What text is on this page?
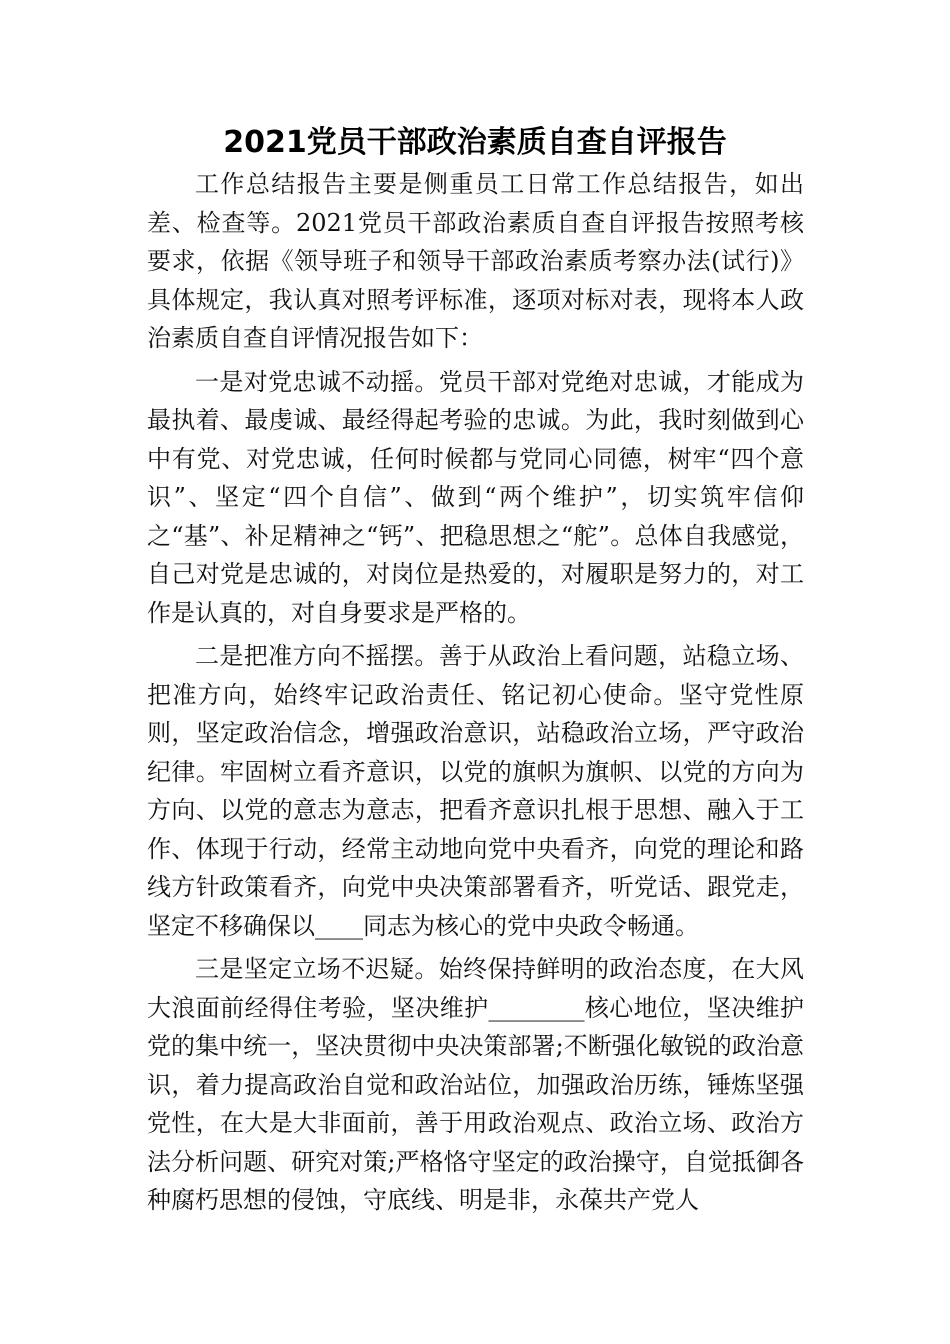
2021党员干部政治素质自查自评报告

工作总结报告主要是侧重员工日常工作总结报告，如出差、检查等。2021党员干部政治素质自查自评报告按照考核要求，依据《领导班子和领导干部政治素质考察办法(试行)》具体规定，我认真对照考评标准，逐项对标对表，现将本人政治素质自查自评情况报告如下：

一是对党忠诚不动摇。党员干部对党绝对忠诚，才能成为最执着、最虔诚、最经得起考验的忠诚。为此，我时刻做到心中有党、对党忠诚，任何时候都与党同心同德，树牢“四个意识”、坚定“四个自信”、做到“两个维护”，切实筑牢信仰之“基”、补足精神之“钙”、把稳思想之“舵”。总体自我感觉，自己对党是忠诚的，对岗位是热爱的，对履职是努力的，对工作是认真的，对自身要求是严格的。

二是把准方向不摇摆。善于从政治上看问题，站稳立场、把准方向，始终牢记政治责任、铭记初心使命。坚守党性原则，坚定政治信念，增强政治意识，站稳政治立场，严守政治纪律。牢固树立看齐意识，以党的旗帜为旗帜、以党的方向为方向、以党的意志为意志，把看齐意识扎根于思想、融入于工作、体现于行动，经常主动地向党中央看齐，向党的理论和路线方针政策看齐，向党中央决策部署看齐，听党话、跟党走，坚定不移确保以____同志为核心的党中央政令畅通。

三是坚定立场不迟疑。始终保持鲜明的政治态度，在大风大浪面前经得住考验，坚决维护________核心地位，坚决维护党的集中统一，坚决贯彻中央决策部署;不断强化敏锐的政治意识，着力提高政治自觉和政治站位，加强政治历练，锤炼坚强党性，在大是大非面前，善于用政治观点、政治立场、政治方法分析问题、研究对策;严格恪守坚定的政治操守，自觉抵御各种腐朽思想的侵蚀，守底线、明是非，永葆共产党人
